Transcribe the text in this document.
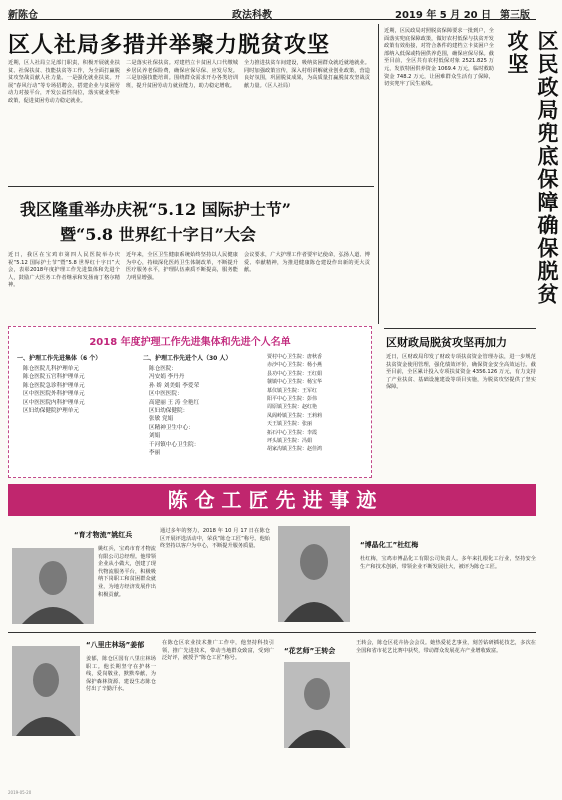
新陈仓	政法科教	2019 年 5 月 20 日 第三版
区人社局多措并举聚力脱贫攻坚
近期，区人社局立足部门职责，积极开展就业扶贫、社保扶贫、技能扶贫等工作，为全面打赢脱贫攻坚战贡献人社力量。一是强化就业扶贫。开展“春风行动”等专场招聘会，搭建企业与贫困劳动力对接平台，开发公益性岗位，落实就业奖补政策，促进贫困劳动力稳定就业。
二是落实社保扶贫。对建档立卡贫困人口代缴城乡居民养老保险费，确保应保尽保、应发尽发。三是加强技能培训。围绕群众需求开办各类培训班，提升贫困劳动力就业能力，助力稳定增收。
全力推进扶贫车间建设，吸纳贫困群众就近就地就业。同时加强政策宣传，深入村组讲解就业创业政策，营造良好氛围，巩固脱贫成果，为高质量打赢脱贫攻坚战贡献力量。（区人社局）
近期，区民政局对照脱贫保障要求一批到户，全面落实兜底保障政策，做好农村低保与扶贫开发政策有效衔接，对符合条件的建档立卡贫困户全部纳入低保或特困供养范围，确保应保尽保。截至目前，全区共有农村低保对象 2521.825 万元，发放特困供养资金 1069.4 万元，临时救助资金 748.2 万元，让困难群众生活有了保障，切实兜牢了民生底线。	区民政局兜底保障确保脱贫攻坚
我区隆重举办庆祝“5.12 国际护士节”
暨“5.8 世界红十字日”大会
近日，我区在宝鸡市第四人民医院举办庆祝“5.12 国际护士节”暨“5.8 世界红十字日”大会，表彰2018年度护理工作先进集体和先进个人，鼓励广大医务工作者继承和发扬南丁格尔精神。
近年来，全区卫生健康系统始终坚持以人民健康为中心，持续深化医药卫生体制改革，不断提升医疗服务水平，护理队伍素质不断提高，服务能力明显增强。
会议要求，广大护理工作者要牢记使命，弘扬人道、博爱、奉献精神，为推进健康陈仓建设作出新的更大贡献。
2018 年度护理工作先进集体和先进个人名单
一、护理工作先进集体（6 个）
陈仓医院儿科护理单元
陈仓医院五官科护理单元
陈仓医院急诊科护理单元
区中医医院外科护理单元
区中医医院内科护理单元
区妇幼保健院护理单元
二、护理工作先进个人（30 人）
陈仓医院：
冯安娟 李丹丹
孙 娇 刘美娟 李爱荣
区中医医院：
高建丽 王 涛 全艳红
区妇幼保健院：
张敏 党娟
区精神卫生中心：
刘娟
千河镇中心卫生院：
李丽
贾村中心卫生院：唐秋香
赤沙中心卫生院：杨小燕
县功中心卫生院：王红娟
虢镇中心卫生院：杨宝华
慕仪镇卫生院：王军红
阳平中心卫生院：彭伟
周原镇卫生院：赵红艳
凤阁岭镇卫生院：王莉莉
天王镇卫生院：张丽
拓石中心卫生院：李霞
坪头镇卫生院：冯娟
胡家沟镇卫生院：赵佳鸿
区财政局脱贫攻坚再加力
近日，区财政局印发了财政专项扶贫资金管理办法，进一步规范扶贫资金使用管理，强化绩效评价，确保资金安全高效运行。截至目前，全区累计投入专项扶贫资金 4356.126 万元，有力支持了产业扶贫、基础设施建设等项目实施，为脱贫攻坚提供了坚实保障。
陈 仓 工 匠 先 进 事 迹
“育才物流”姚红兵
姚红兵，宝鸡市育才物流有限公司总经理。他带领企业从小做大，创建了现代物流服务平台，积极吸纳下岗职工和贫困群众就业，为地方经济发展作出积极贡献。
通过多年的努力，2018 年 10 月 17 日在陈仓区开展评选活动中，荣获“陈仓工匠”称号。他始终坚持以客户为中心，不断提升服务质量。	“博晶化工”杜红梅
杜红梅，宝鸡市博晶化工有限公司负责人。多年来扎根化工行业，坚持安全生产和技术创新，带领企业不断发展壮大，被评为陈仓工匠。
“八里庄林场”姜郁
姜郁，陈仓区国有八里庄林场职工。他长期坚守在护林一线，爱岗敬业，默默奉献，为保护森林资源、建设生态陈仓付出了辛勤汗水。
在陈仓区农业技术推广工作中，他坚持科技引领，推广先进技术，带动当地群众致富，受到广泛好评，被授予“陈仓工匠”称号。
“花艺师”王转会
王转会，陈仓区花卉协会会员。她热爱花艺事业，刻苦钻研插花技艺，多次在全国和省市花艺比赛中获奖，带动群众发展花卉产业增收致富。
2019-05-20
